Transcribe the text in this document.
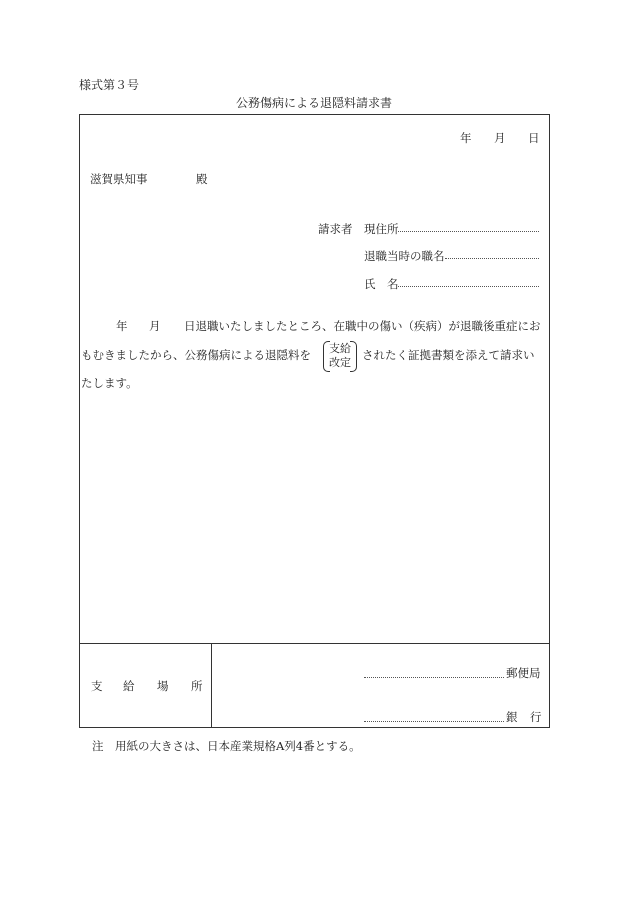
様式第３号
公務傷病による退隠料請求書
年 月 日
滋賀県知事	殿
請求者 現住所
退職当時の職名
氏　名
年 月 日退職いたしましたところ、在職中の傷い（疾病）が退職後重症にお
もむきましたから、公務傷病による退隠料を	支給
改定
されたく証拠書類を添えて請求い
たします。
支 給 場 所
郵便局
銀 行
注　用紙の大きさは、日本産業規格A列4番とする。
